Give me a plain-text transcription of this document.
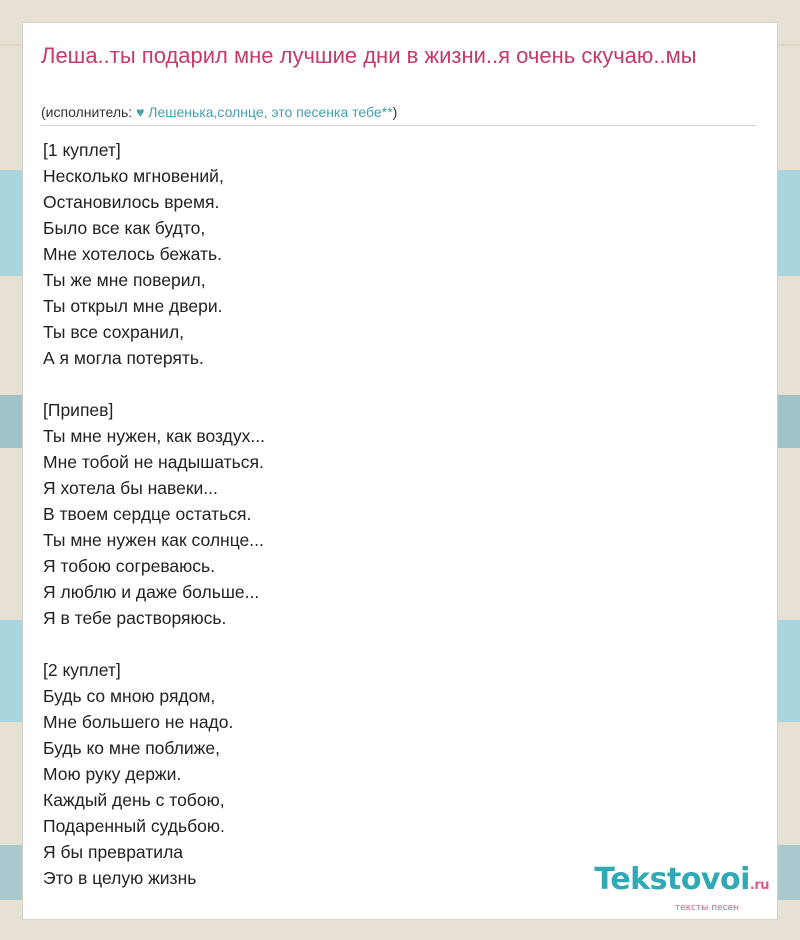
Леша..ты подарил мне лучшие дни в жизни..я очень скучаю..мы
(исполнитель: ♥ Лешенька,солнце, это песенка тебе**)
[1 куплет]
Несколько мгновений,
Остановилось время.
Было все как будто,
Мне хотелось бежать.
Ты же мне поверил,
Ты открыл мне двери.
Ты все сохранил,
А я могла потерять.
[Припев]
Ты мне нужен, как воздух...
Мне тобой не надышаться.
Я хотела бы навеки...
В твоем сердце остаться.
Ты мне нужен как солнце...
Я тобою согреваюсь.
Я люблю и даже больше...
Я в тебе растворяюсь.
[2 куплет]
Будь со мною рядом,
Мне большего не надо.
Будь ко мне поближе,
Мою руку держи.
Каждый день с тобою,
Подаренный судьбою.
Я бы превратила
Это в целую жизнь	Tekstovoi.ru
тексты песен
